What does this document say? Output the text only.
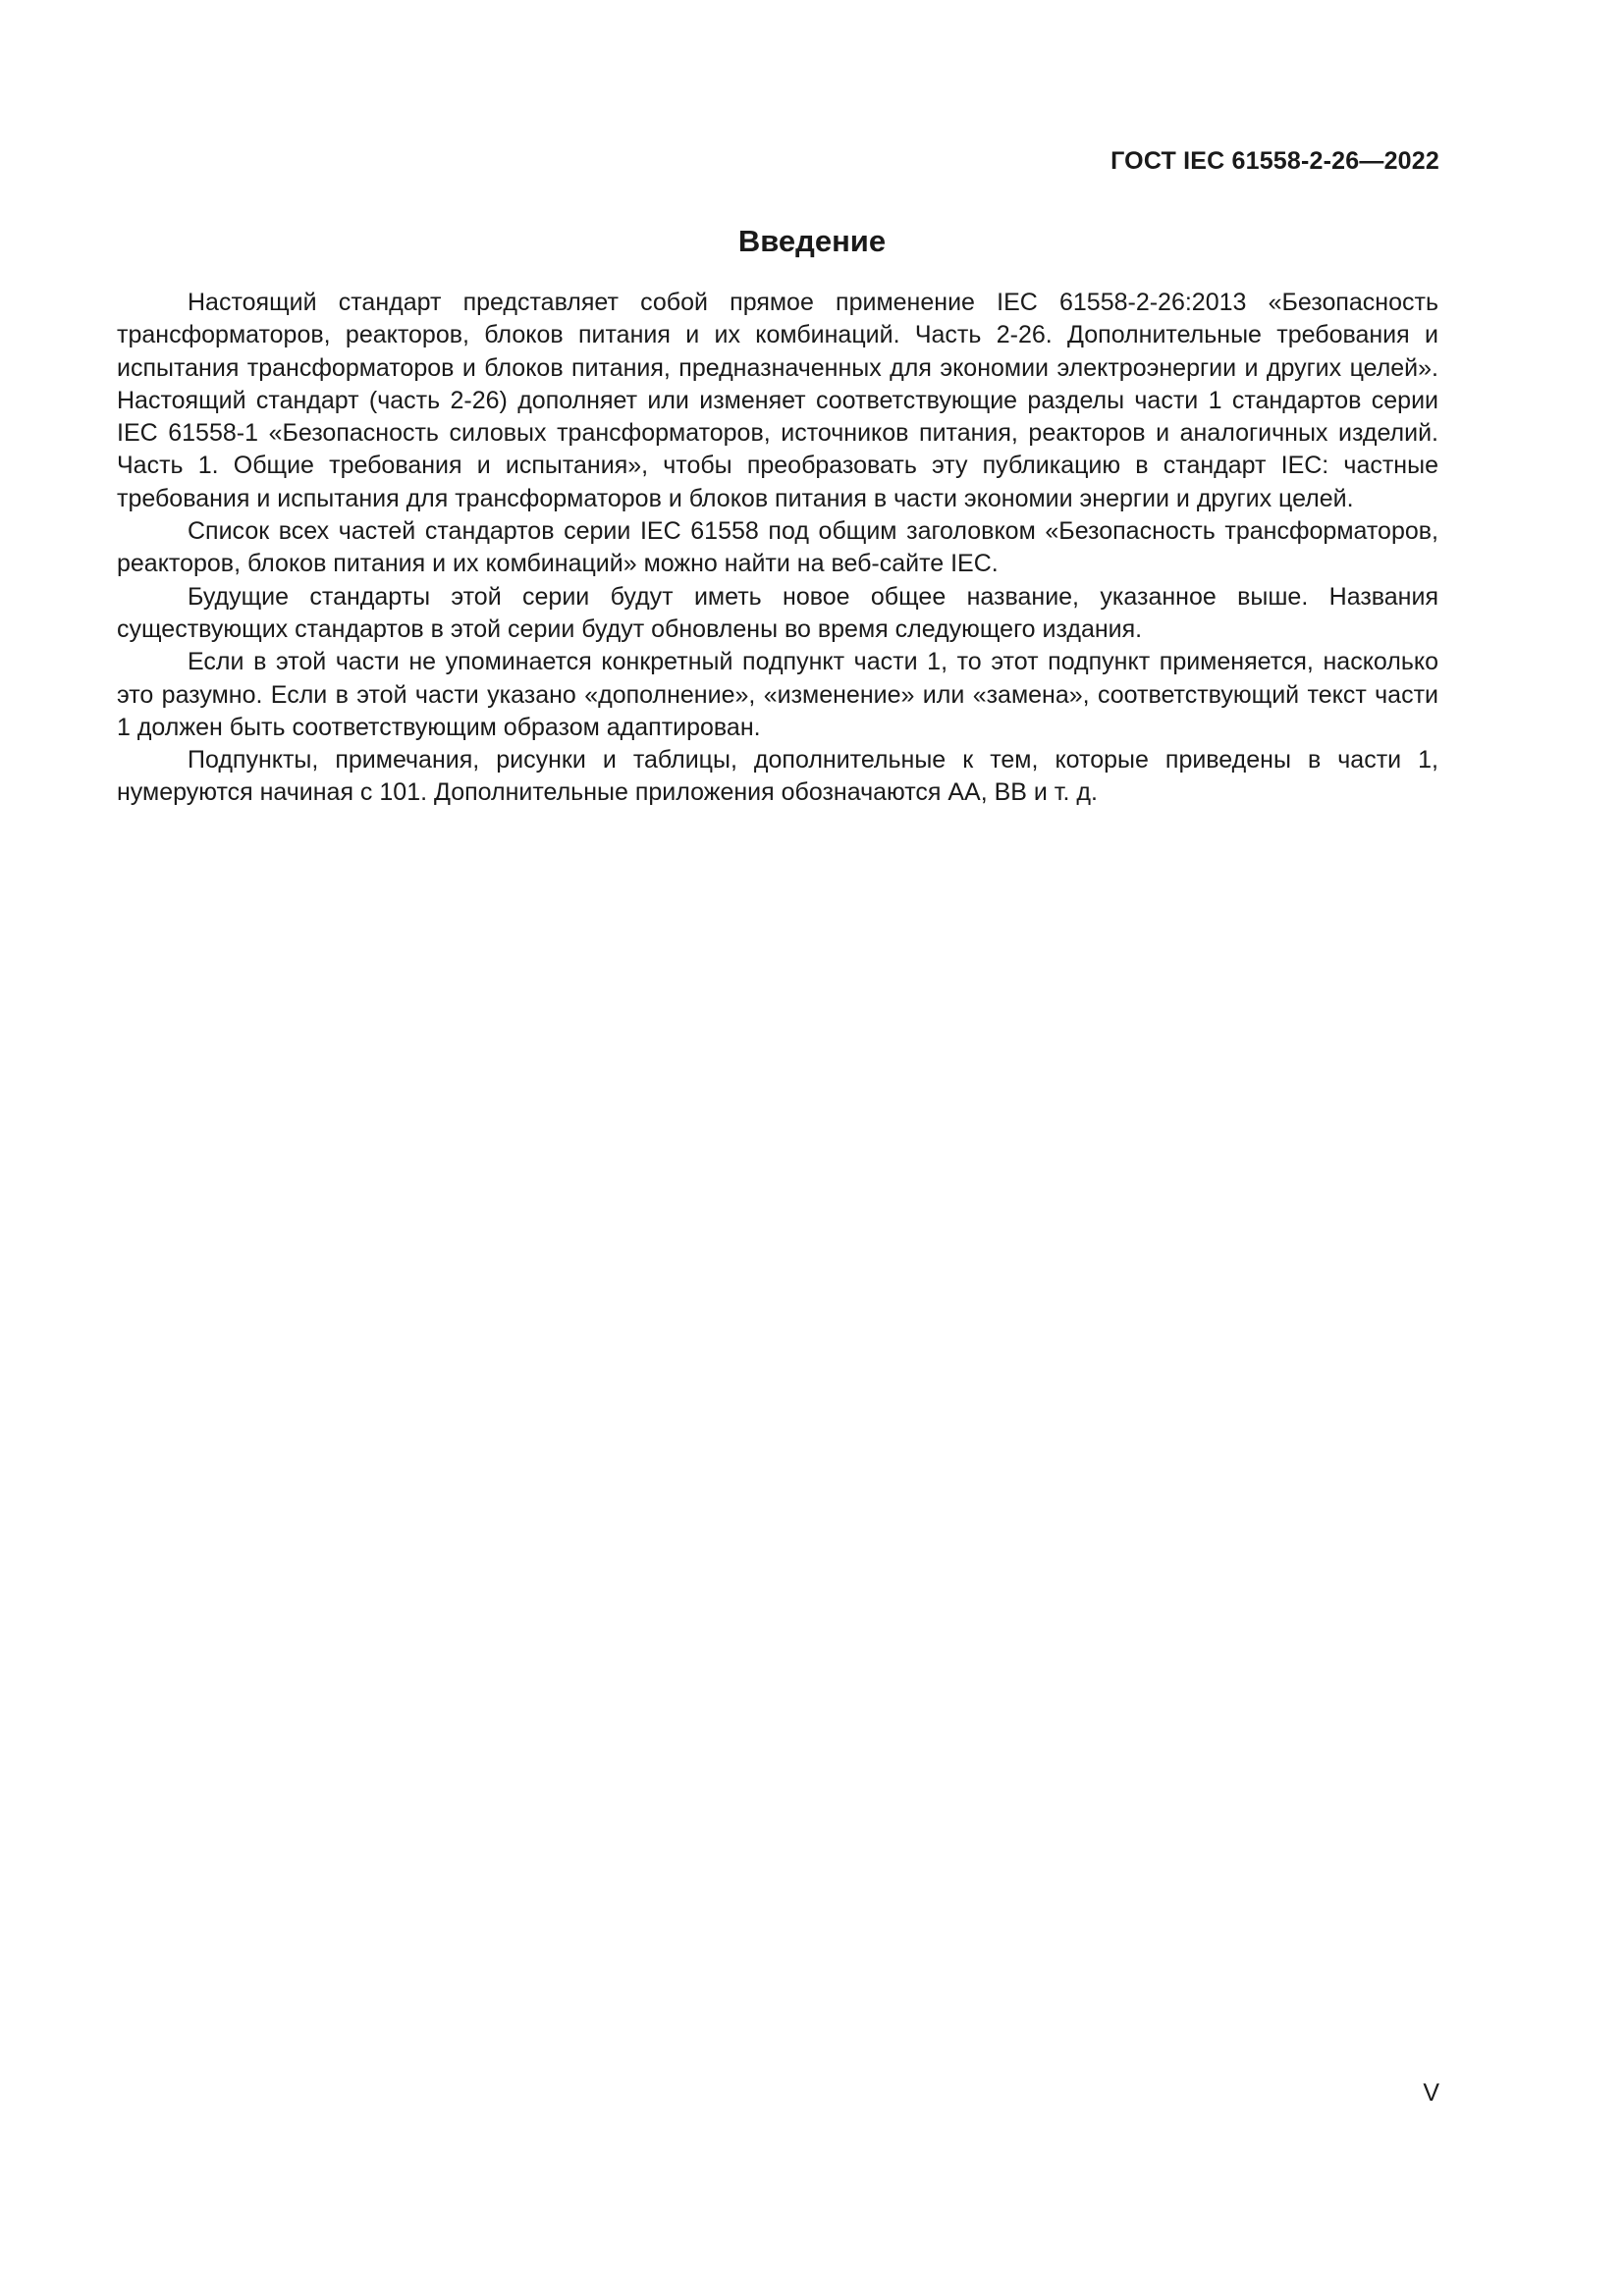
ГОСТ IEC 61558-2-26—2022
Введение

Настоящий стандарт представляет собой прямое применение IEC 61558-2-26:2013 «Безопасность трансформаторов, реакторов, блоков питания и их комбинаций. Часть 2-26. Дополнительные требования и испытания трансформаторов и блоков питания, предназначенных для экономии электроэнергии и других целей». Настоящий стандарт (часть 2-26) дополняет или изменяет соответствующие разделы части 1 стандартов серии IEC 61558-1 «Безопасность силовых трансформаторов, источников питания, реакторов и аналогичных изделий. Часть 1. Общие требования и испытания», чтобы преобразовать эту публикацию в стандарт IEC: частные требования и испытания для трансформаторов и блоков питания в части экономии энергии и других целей.

Список всех частей стандартов серии IEC 61558 под общим заголовком «Безопасность трансформаторов, реакторов, блоков питания и их комбинаций» можно найти на веб-сайте IEC.

Будущие стандарты этой серии будут иметь новое общее название, указанное выше. Названия существующих стандартов в этой серии будут обновлены во время следующего издания.

Если в этой части не упоминается конкретный подпункт части 1, то этот подпункт применяется, насколько это разумно. Если в этой части указано «дополнение», «изменение» или «замена», соответствующий текст части 1 должен быть соответствующим образом адаптирован.

Подпункты, примечания, рисунки и таблицы, дополнительные к тем, которые приведены в части 1, нумеруются начиная с 101. Дополнительные приложения обозначаются АА, ВВ и т. д.

V
